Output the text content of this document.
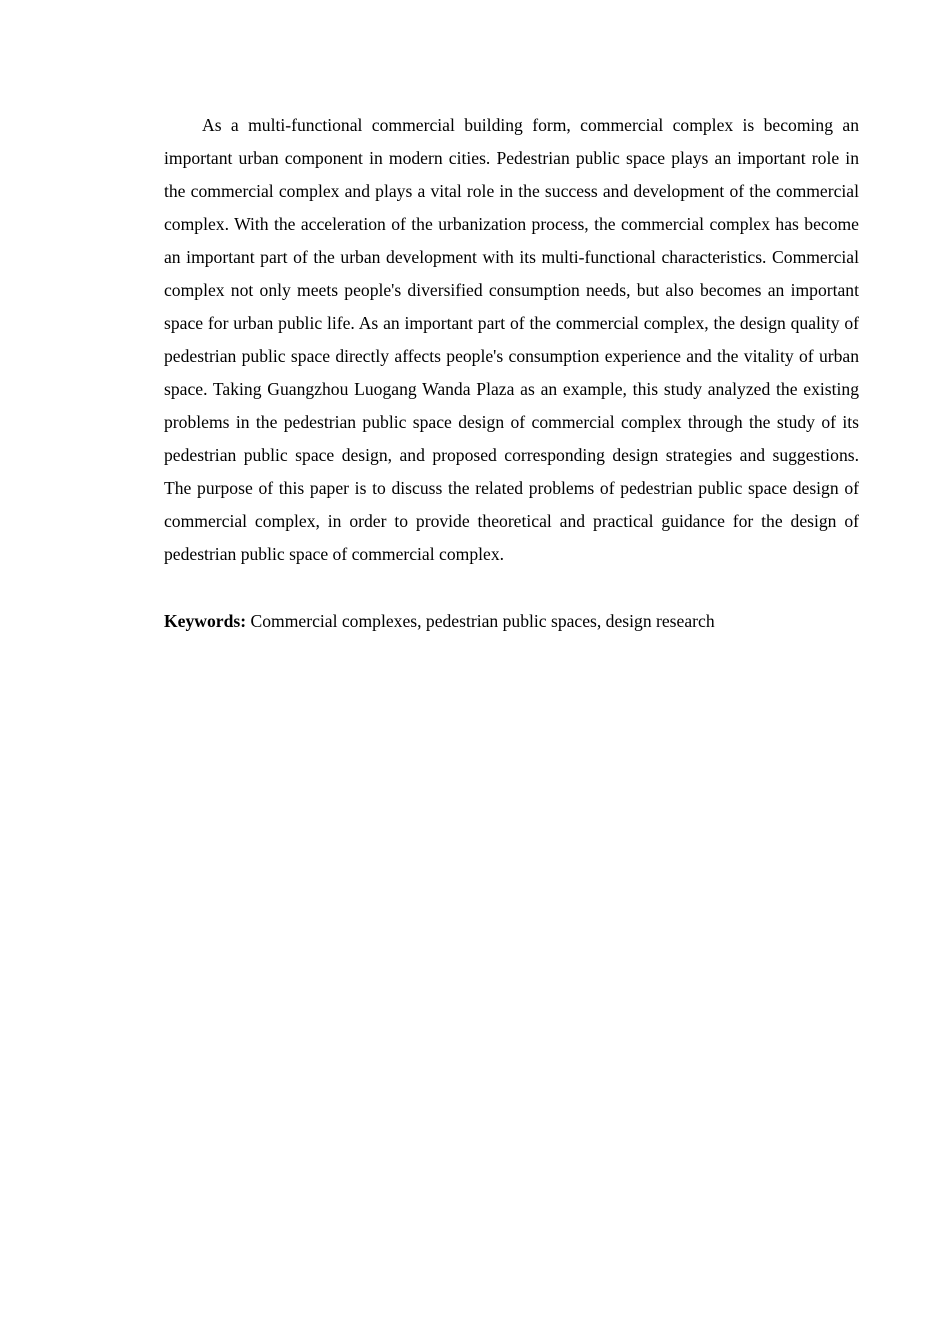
As a multi-functional commercial building form, commercial complex is becoming an important urban component in modern cities. Pedestrian public space plays an important role in the commercial complex and plays a vital role in the success and development of the commercial complex. With the acceleration of the urbanization process, the commercial complex has become an important part of the urban development with its multi-functional characteristics. Commercial complex not only meets people's diversified consumption needs, but also becomes an important space for urban public life. As an important part of the commercial complex, the design quality of pedestrian public space directly affects people's consumption experience and the vitality of urban space. Taking Guangzhou Luogang Wanda Plaza as an example, this study analyzed the existing problems in the pedestrian public space design of commercial complex through the study of its pedestrian public space design, and proposed corresponding design strategies and suggestions. The purpose of this paper is to discuss the related problems of pedestrian public space design of commercial complex, in order to provide theoretical and practical guidance for the design of pedestrian public space of commercial complex.

Keywords: Commercial complexes, pedestrian public spaces, design research
